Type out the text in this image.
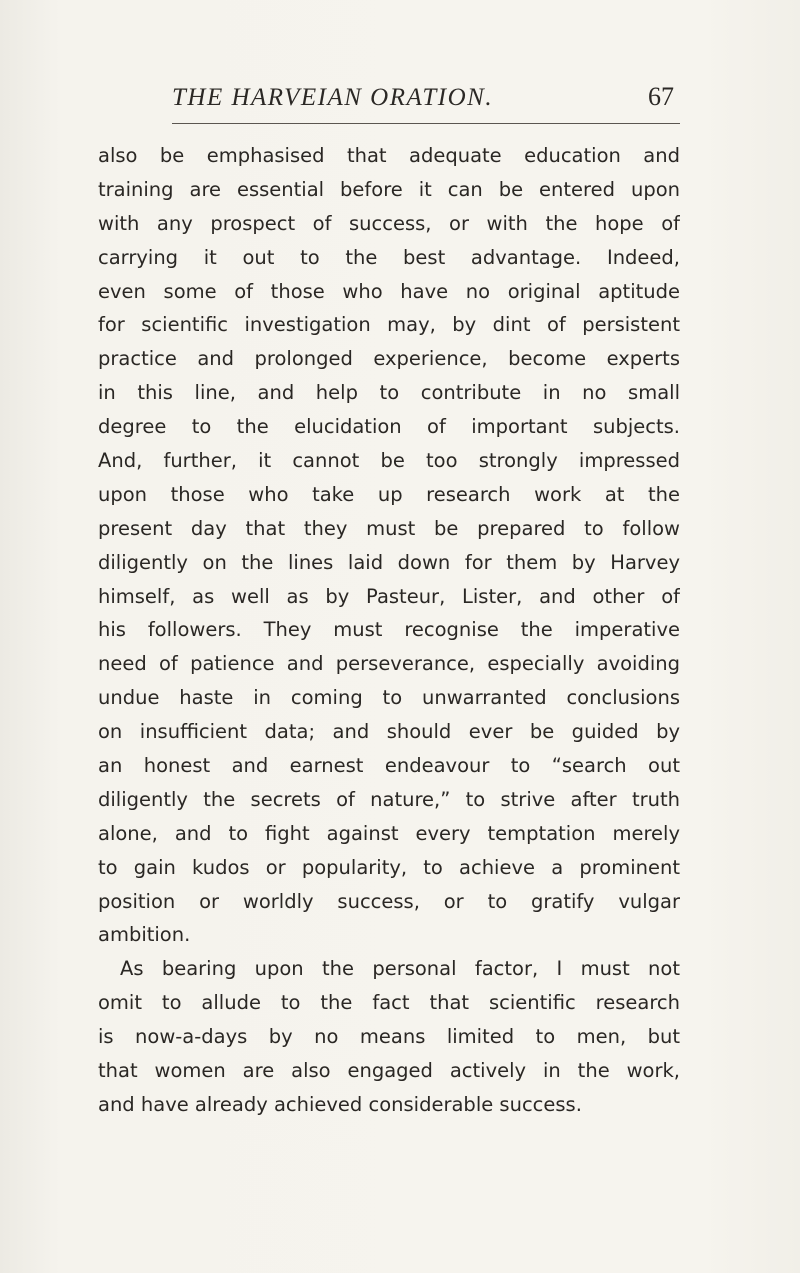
THE HARVEIAN ORATION.	67
also be emphasised that adequate education and
training are essential before it can be entered upon
with any prospect of success, or with the hope of
carrying it out to the best advantage. Indeed,
even some of those who have no original aptitude
for scientific investigation may, by dint of persistent
practice and prolonged experience, become experts
in this line, and help to contribute in no small
degree to the elucidation of important subjects.
And, further, it cannot be too strongly impressed
upon those who take up research work at the
present day that they must be prepared to follow
diligently on the lines laid down for them by Harvey
himself, as well as by Pasteur, Lister, and other of
his followers. They must recognise the imperative
need of patience and perseverance, especially avoiding
undue haste in coming to unwarranted conclusions
on insufficient data; and should ever be guided by
an honest and earnest endeavour to “search out
diligently the secrets of nature,” to strive after truth
alone, and to fight against every temptation merely
to gain kudos or popularity, to achieve a prominent
position or worldly success, or to gratify vulgar
ambition.
As bearing upon the personal factor, I must not
omit to allude to the fact that scientific research
is now-a-days by no means limited to men, but
that women are also engaged actively in the work,
and have already achieved considerable success.
